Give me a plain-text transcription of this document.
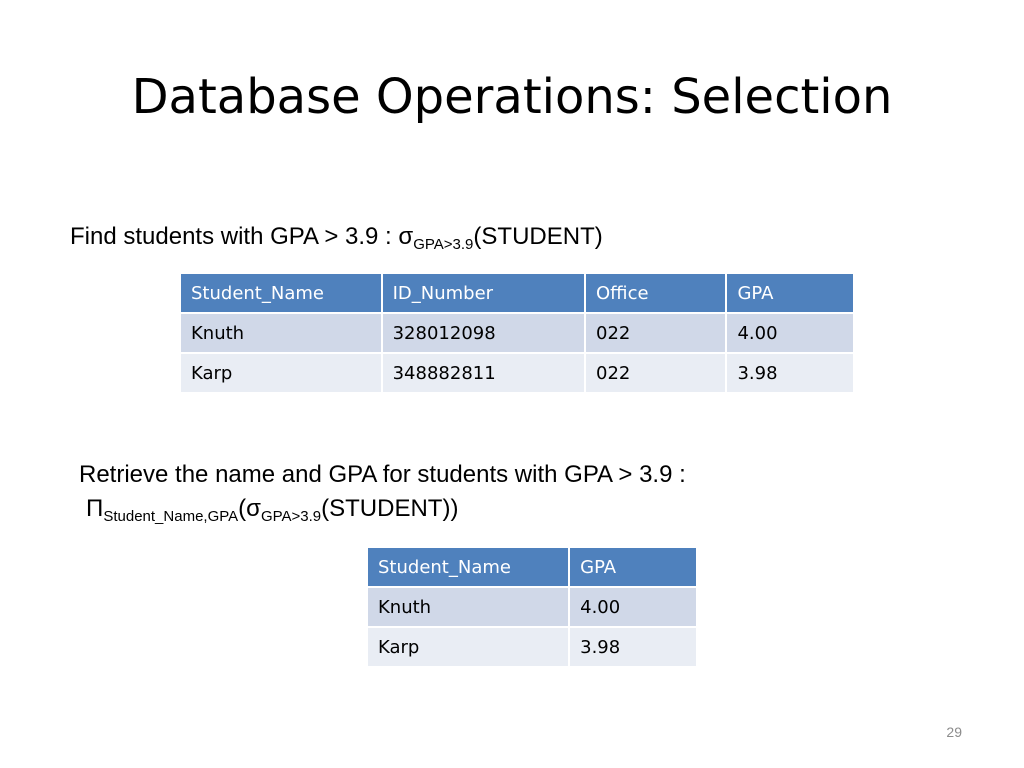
Database Operations: Selection
Find students with GPA > 3.9 : $\sigma_{GPA>3.9}(STUDENT)$
Student_Name	ID_Number	Office	GPA
Knuth	328012098	022	4.00
Karp	348882811	022	3.98
Retrieve the name and GPA for students with GPA > 3.9 :
$\Pi_{Student\_Name,GPA}(\sigma_{GPA>3.9}(STUDENT))$
Student_Name	GPA
Knuth	4.00
Karp	3.98
29
